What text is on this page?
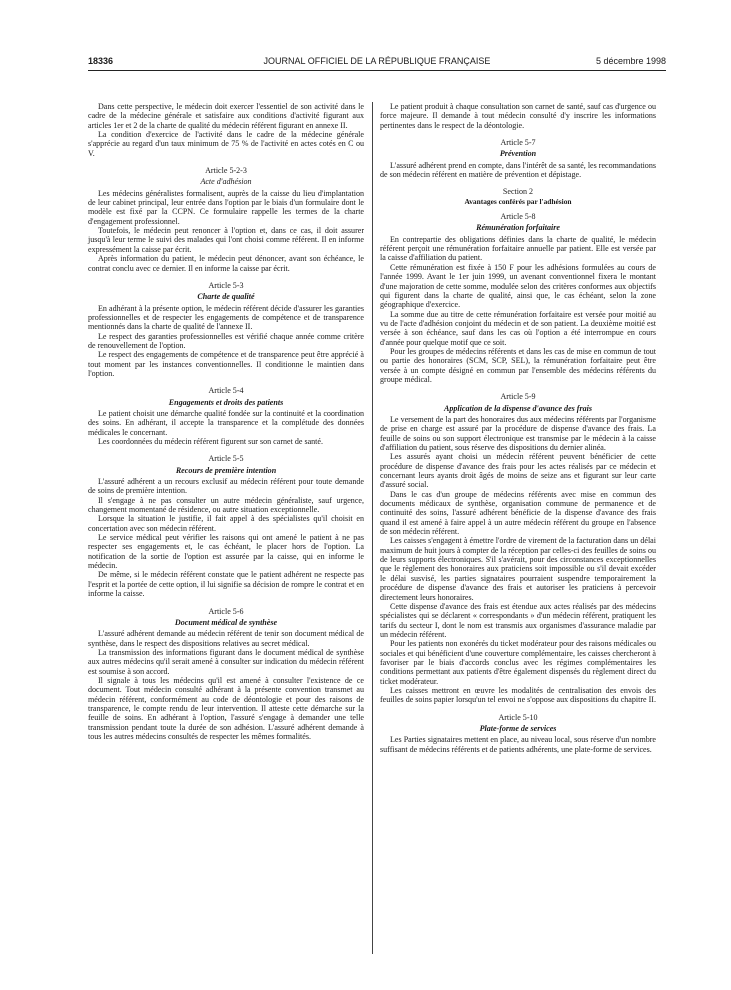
18336	JOURNAL OFFICIEL DE LA RÉPUBLIQUE FRANÇAISE	5 décembre 1998

Dans cette perspective, le médecin doit exercer l'essentiel de son activité dans le cadre de la médecine générale et satisfaire aux conditions d'activité figurant aux articles 1er et 2 de la charte de qualité du médecin référent figurant en annexe II.

La condition d'exercice de l'activité dans le cadre de la médecine générale s'apprécie au regard d'un taux minimum de 75 % de l'activité en actes cotés en C ou V.

Article 5-2-3
Acte d'adhésion

Les médecins généralistes formalisent, auprès de la caisse du lieu d'implantation de leur cabinet principal, leur entrée dans l'option par le biais d'un formulaire dont le modèle est fixé par la CCPN. Ce formulaire rappelle les termes de la charte d'engagement professionnel.

Toutefois, le médecin peut renoncer à l'option et, dans ce cas, il doit assurer jusqu'à leur terme le suivi des malades qui l'ont choisi comme référent. Il en informe expressément la caisse par écrit.

Après information du patient, le médecin peut dénoncer, avant son échéance, le contrat conclu avec ce dernier. Il en informe la caisse par écrit.

Article 5-3
Charte de qualité

En adhérant à la présente option, le médecin référent décide d'assurer les garanties professionnelles et de respecter les engagements de compétence et de transparence mentionnés dans la charte de qualité de l'annexe II.

Le respect des garanties professionnelles est vérifié chaque année comme critère de renouvellement de l'option.

Le respect des engagements de compétence et de transparence peut être apprécié à tout moment par les instances conventionnelles. Il conditionne le maintien dans l'option.

Article 5-4
Engagements et droits des patients

Le patient choisit une démarche qualité fondée sur la continuité et la coordination des soins. En adhérant, il accepte la transparence et la complétude des données médicales le concernant.

Les coordonnées du médecin référent figurent sur son carnet de santé.

Article 5-5
Recours de première intention

L'assuré adhérent a un recours exclusif au médecin référent pour toute demande de soins de première intention.

Il s'engage à ne pas consulter un autre médecin généraliste, sauf urgence, changement momentané de résidence, ou autre situation exceptionnelle.

Lorsque la situation le justifie, il fait appel à des spécialistes qu'il choisit en concertation avec son médecin référent.

Le service médical peut vérifier les raisons qui ont amené le patient à ne pas respecter ses engagements et, le cas échéant, le placer hors de l'option. La notification de la sortie de l'option est assurée par la caisse, qui en informe le médecin.

De même, si le médecin référent constate que le patient adhérent ne respecte pas l'esprit et la portée de cette option, il lui signifie sa décision de rompre le contrat et en informe la caisse.

Article 5-6
Document médical de synthèse

L'assuré adhérent demande au médecin référent de tenir son document médical de synthèse, dans le respect des dispositions relatives au secret médical.

La transmission des informations figurant dans le document médical de synthèse aux autres médecins qu'il serait amené à consulter sur indication du médecin référent est soumise à son accord.

Il signale à tous les médecins qu'il est amené à consulter l'existence de ce document. Tout médecin consulté adhérant à la présente convention transmet au médecin référent, conformément au code de déontologie et pour des raisons de transparence, le compte rendu de leur intervention. Il atteste cette démarche sur la feuille de soins. En adhérant à l'option, l'assuré s'engage à demander une telle transmission pendant toute la durée de son adhésion. L'assuré adhérent demande à tous les autres médecins consultés de respecter les mêmes formalités.

Le patient produit à chaque consultation son carnet de santé, sauf cas d'urgence ou force majeure. Il demande à tout médecin consulté d'y inscrire les informations pertinentes dans le respect de la déontologie.

Article 5-7
Prévention

L'assuré adhérent prend en compte, dans l'intérêt de sa santé, les recommandations de son médecin référent en matière de prévention et dépistage.

Section 2
Avantages conférés par l'adhésion
Article 5-8
Rémunération forfaitaire

En contrepartie des obligations définies dans la charte de qualité, le médecin référent perçoit une rémunération forfaitaire annuelle par patient. Elle est versée par la caisse d'affiliation du patient.

Cette rémunération est fixée à 150 F pour les adhésions formulées au cours de l'année 1999. Avant le 1er juin 1999, un avenant conventionnel fixera le montant d'une majoration de cette somme, modulée selon des critères conformes aux objectifs qui figurent dans la charte de qualité, ainsi que, le cas échéant, selon la zone géographique d'exercice.

La somme due au titre de cette rémunération forfaitaire est versée pour moitié au vu de l'acte d'adhésion conjoint du médecin et de son patient. La deuxième moitié est versée à son échéance, sauf dans les cas où l'option a été interrompue en cours d'année pour quelque motif que ce soit.

Pour les groupes de médecins référents et dans les cas de mise en commun de tout ou partie des honoraires (SCM, SCP, SEL), la rémunération forfaitaire peut être versée à un compte désigné en commun par l'ensemble des médecins référents du groupe médical.

Article 5-9
Application de la dispense d'avance des frais

Le versement de la part des honoraires dus aux médecins référents par l'organisme de prise en charge est assuré par la procédure de dispense d'avance des frais. La feuille de soins ou son support électronique est transmise par le médecin à la caisse d'affiliation du patient, sous réserve des dispositions du dernier alinéa.

Les assurés ayant choisi un médecin référent peuvent bénéficier de cette procédure de dispense d'avance des frais pour les actes réalisés par ce médecin et concernant leurs ayants droit âgés de moins de seize ans et figurant sur leur carte d'assuré social.

Dans le cas d'un groupe de médecins référents avec mise en commun des documents médicaux de synthèse, organisation commune de permanence et de continuité des soins, l'assuré adhérent bénéficie de la dispense d'avance des frais quand il est amené à faire appel à un autre médecin référent du groupe en l'absence de son médecin référent.

Les caisses s'engagent à émettre l'ordre de virement de la facturation dans un délai maximum de huit jours à compter de la réception par celles-ci des feuilles de soins ou de leurs supports électroniques. S'il s'avérait, pour des circonstances exceptionnelles que le règlement des honoraires aux praticiens soit impossible ou s'il devait excéder le délai susvisé, les parties signataires pourraient suspendre temporairement la procédure de dispense d'avance des frais et autoriser les praticiens à percevoir directement leurs honoraires.

Cette dispense d'avance des frais est étendue aux actes réalisés par des médecins spécialistes qui se déclarent « correspondants » d'un médecin référent, pratiquent les tarifs du secteur I, dont le nom est transmis aux organismes d'assurance maladie par un médecin référent.

Pour les patients non exonérés du ticket modérateur pour des raisons médicales ou sociales et qui bénéficient d'une couverture complémentaire, les caisses chercheront à favoriser par le biais d'accords conclus avec les régimes complémentaires les conditions permettant aux patients d'être également dispensés du règlement direct du ticket modérateur.

Les caisses mettront en œuvre les modalités de centralisation des envois des feuilles de soins papier lorsqu'un tel envoi ne s'oppose aux dispositions du chapitre II.

Article 5-10
Plate-forme de services

Les Parties signataires mettent en place, au niveau local, sous réserve d'un nombre suffisant de médecins référents et de patients adhérents, une plate-forme de services.
